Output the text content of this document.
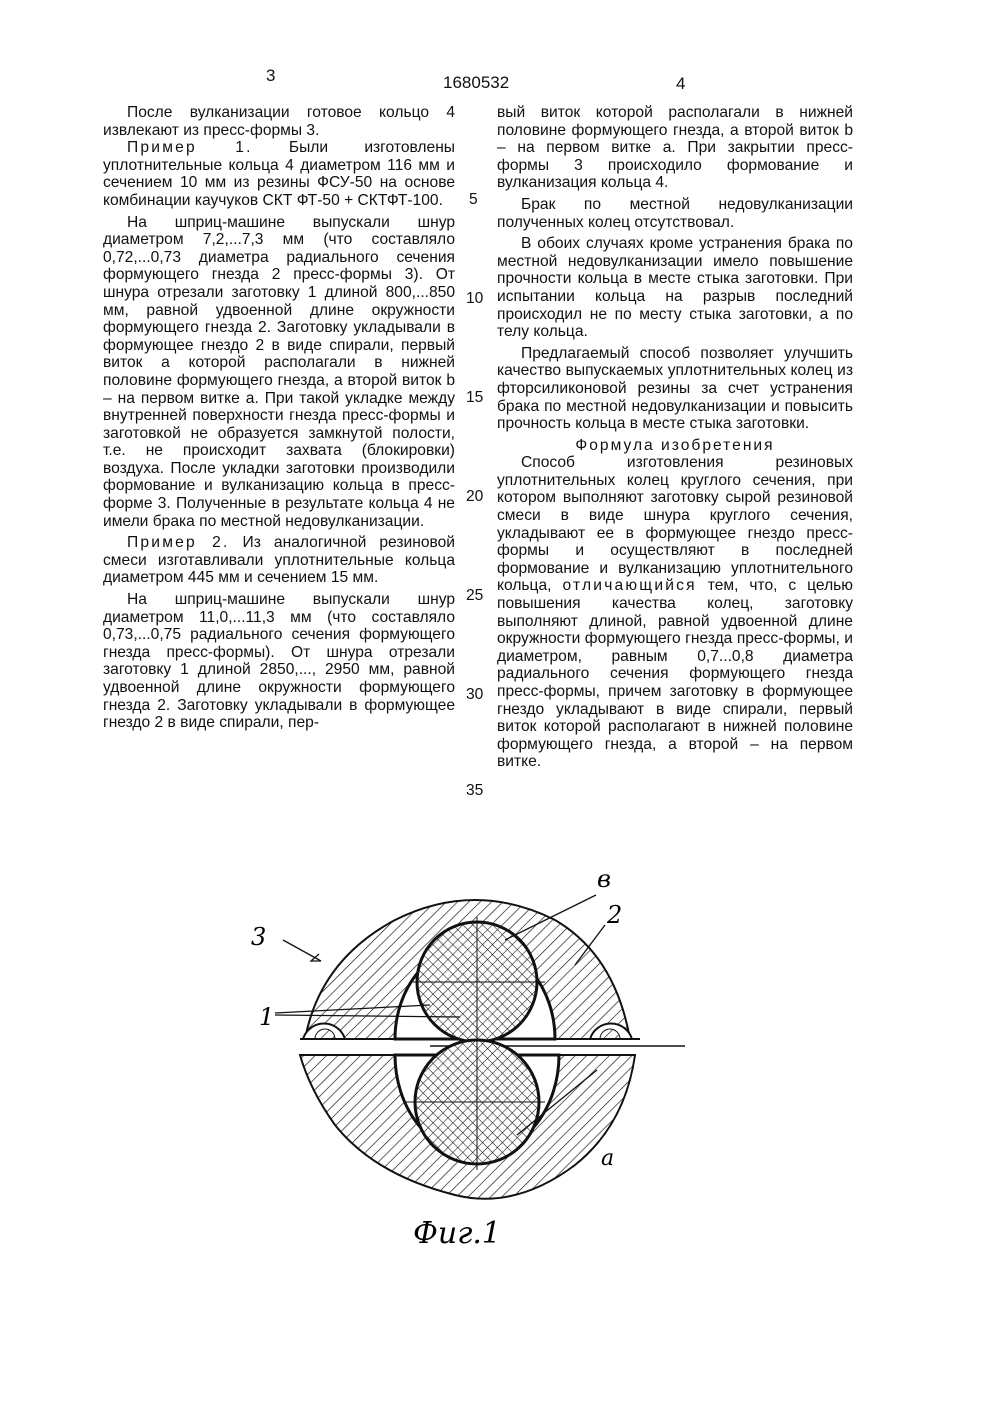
3	1680532	4

После вулканизации готовое кольцо 4 извлекают из пресс-формы 3.

Пример 1. Были изготовлены уплотнительные кольца 4 диаметром 116 мм и сечением 10 мм из резины ФСУ-50 на основе комбинации каучуков СКТ ФТ-50 + СКТФТ-100.

На шприц-машине выпускали шнур диаметром 7,2,...7,3 мм (что составляло 0,72,...0,73 диаметра радиального сечения формующего гнезда 2 пресс-формы 3). От шнура отрезали заготовку 1 длиной 800,...850 мм, равной удвоенной длине окружности формующего гнезда 2. Заготовку укладывали в формующее гнездо 2 в виде спирали, первый виток а которой располагали в нижней половине формующего гнезда, а второй виток b – на первом витке а. При такой укладке между внутренней поверхности гнезда пресс-формы и заготовкой не образуется замкнутой полости, т.е. не происходит захвата (блокировки) воздуха. После укладки заготовки производили формование и вулканизацию кольца в пресс-форме 3. Полученные в результате кольца 4 не имели брака по местной недовулканизации.

Пример 2. Из аналогичной резиновой смеси изготавливали уплотнительные кольца диаметром 445 мм и сечением 15 мм.

На шприц-машине выпускали шнур диаметром 11,0,...11,3 мм (что составляло 0,73,...0,75 радиального сечения формующего гнезда пресс-формы). От шнура отрезали заготовку 1 длиной 2850,..., 2950 мм, равной удвоенной длине окружности формующего гнезда 2. Заготовку укладывали в формующее гнездо 2 в виде спирали, пер-

5
10
15
20
25
30
35

вый виток которой располагали в нижней половине формующего гнезда, а второй виток b – на первом витке а. При закрытии пресс-формы 3 происходило формование и вулканизация кольца 4.

Брак по местной недовулканизации полученных колец отсутствовал.

В обоих случаях кроме устранения брака по местной недовулканизации имело повышение прочности кольца в месте стыка заготовки. При испытании кольца на разрыв последний происходил не по месту стыка заготовки, а по телу кольца.

Предлагаемый способ позволяет улучшить качество выпускаемых уплотнительных колец из фторсиликоновой резины за счет устранения брака по местной недовулканизации и повысить прочность кольца в месте стыка заготовки.

Формула изобретения

Способ изготовления резиновых уплотнительных колец круглого сечения, при котором выполняют заготовку сырой резиновой смеси в виде шнура круглого сечения, укладывают ее в формующее гнездо пресс-формы и осуществляют в последней формование и вулканизацию уплотнительного кольца, отличающийся тем, что, с целью повышения качества колец, заготовку выполняют длиной, равной удвоенной длине окружности формующего гнезда пресс-формы, и диаметром, равным 0,7...0,8 диаметра радиального сечения формующего гнезда пресс-формы, причем заготовку в формующее гнездо укладывают в виде спирали, первый виток которой располагают в нижней половине формующего гнезда, а второй – на первом витке.

3
1
в
2
а
Фиг.1
